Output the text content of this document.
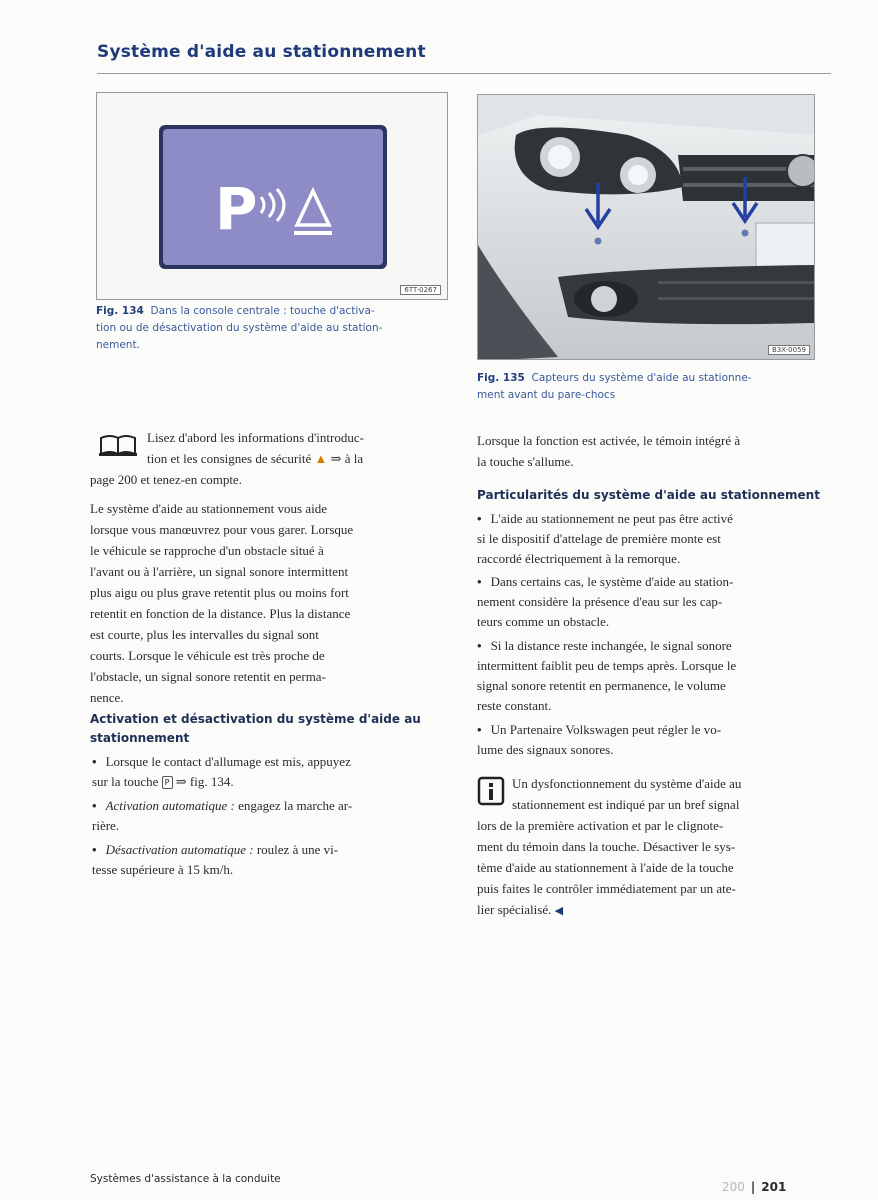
Système d'aide au stationnement
P
6TT-0267
Fig. 134 Dans la console centrale : touche d'activa-
tion ou de désactivation du système d'aide au station-
nement.	B3X-0059
Fig. 135 Capteurs du système d'aide au stationne-
ment avant du pare-chocs
Lisez d'abord les informations d'introduc-
tion et les consignes de sécurité ▲ ⇒ à la
page 200 et tenez-en compte.
Le système d'aide au stationnement vous aide
lorsque vous manœuvrez pour vous garer. Lorsque
le véhicule se rapproche d'un obstacle situé à
l'avant ou à l'arrière, un signal sonore intermittent
plus aigu ou plus grave retentit plus ou moins fort
retentit en fonction de la distance. Plus la distance
est courte, plus les intervalles du signal sont
courts. Lorsque le véhicule est très proche de
l'obstacle, un signal sonore retentit en perma-
nence.
Activation et désactivation du système d'aide au
stationnement
• Lorsque le contact d'allumage est mis, appuyez
sur la touche P ⇒ fig. 134.
• Activation automatique : engagez la marche ar-
rière.
• Désactivation automatique : roulez à une vi-
tesse supérieure à 15 km/h.
Lorsque la fonction est activée, le témoin intégré à
la touche s'allume.
Particularités du système d'aide au stationnement
• L'aide au stationnement ne peut pas être activé
si le dispositif d'attelage de première monte est
raccordé électriquement à la remorque.
• Dans certains cas, le système d'aide au station-
nement considère la présence d'eau sur les cap-
teurs comme un obstacle.
• Si la distance reste inchangée, le signal sonore
intermittent faiblit peu de temps après. Lorsque le
signal sonore retentit en permanence, le volume
reste constant.
• Un Partenaire Volkswagen peut régler le vo-
lume des signaux sonores.
Un dysfonctionnement du système d'aide au
stationnement est indiqué par un bref signal
lors de la première activation et par le clignote-
ment du témoin dans la touche. Désactiver le sys-
tème d'aide au stationnement à l'aide de la touche
puis faites le contrôler immédiatement par un ate-
lier spécialisé. ◀
Systèmes d'assistance à la conduite
200 | 201
